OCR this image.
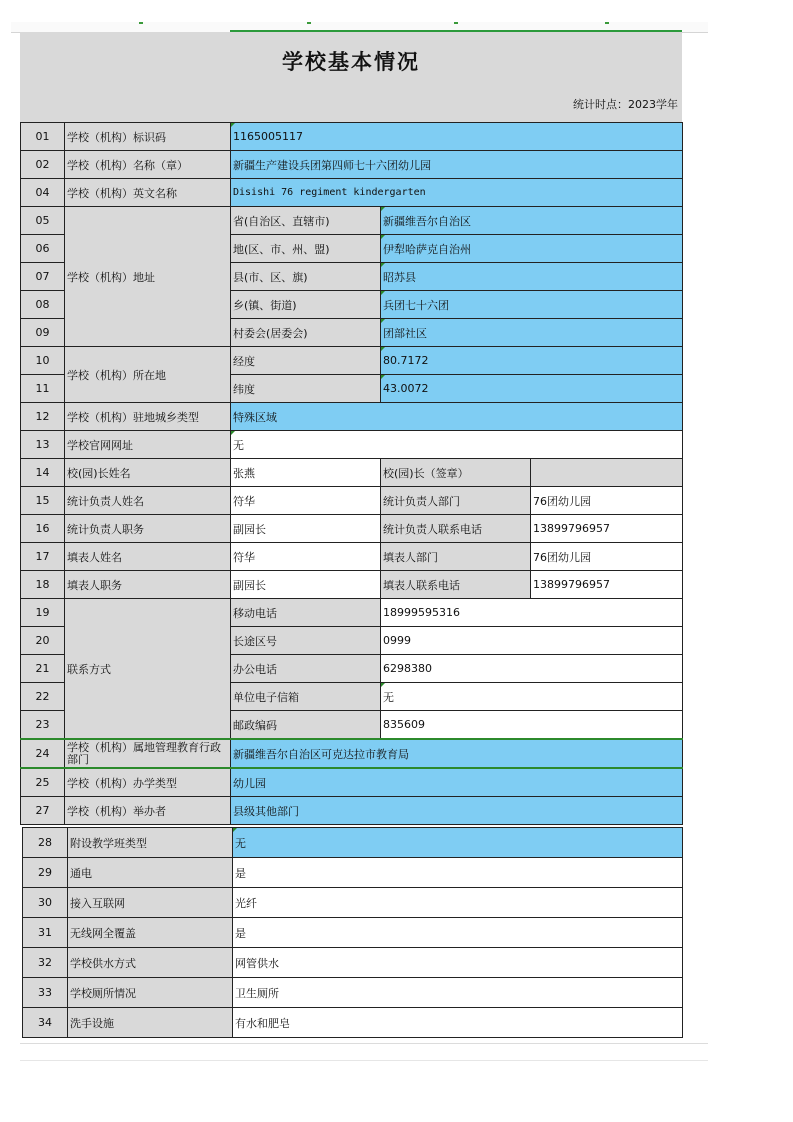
学校基本情况
统计时点：2023学年
01	学校（机构）标识码	1165005117		
02	学校（机构）名称（章）	新疆生产建设兵团第四师七十六团幼儿园		
04	学校（机构）英文名称	Disishi 76 regiment kindergarten		
05	学校（机构）地址	省(自治区、直辖市)	新疆维吾尔自治区	
06		地(区、市、州、盟)	伊犁哈萨克自治州	
07		县(市、区、旗)	昭苏县	
08		乡(镇、街道)	兵团七十六团	
09		村委会(居委会)	团部社区	
10	学校（机构）所在地	经度	80.7172	
11		纬度	43.0072	
12	学校（机构）驻地城乡类型	特殊区域		
13	学校官网网址	无		
14	校(园)长姓名	张燕	校(园)长（签章）	
15	统计负责人姓名	符华	统计负责人部门	76团幼儿园
16	统计负责人职务	副园长	统计负责人联系电话	13899796957
17	填表人姓名	符华	填表人部门	76团幼儿园
18	填表人职务	副园长	填表人联系电话	13899796957
19	联系方式	移动电话	18999595316	
20		长途区号	0999	
21		办公电话	6298380	
22		单位电子信箱	无	
23		邮政编码	835609	
24	学校（机构）属地管理教育行政部门	新疆维吾尔自治区可克达拉市教育局		
25	学校（机构）办学类型	幼儿园		
27	学校（机构）举办者	县级其他部门		
28	附设教学班类型	无
29	通电	是
30	接入互联网	光纤
31	无线网全覆盖	是
32	学校供水方式	网管供水
33	学校厕所情况	卫生厕所
34	洗手设施	有水和肥皂
